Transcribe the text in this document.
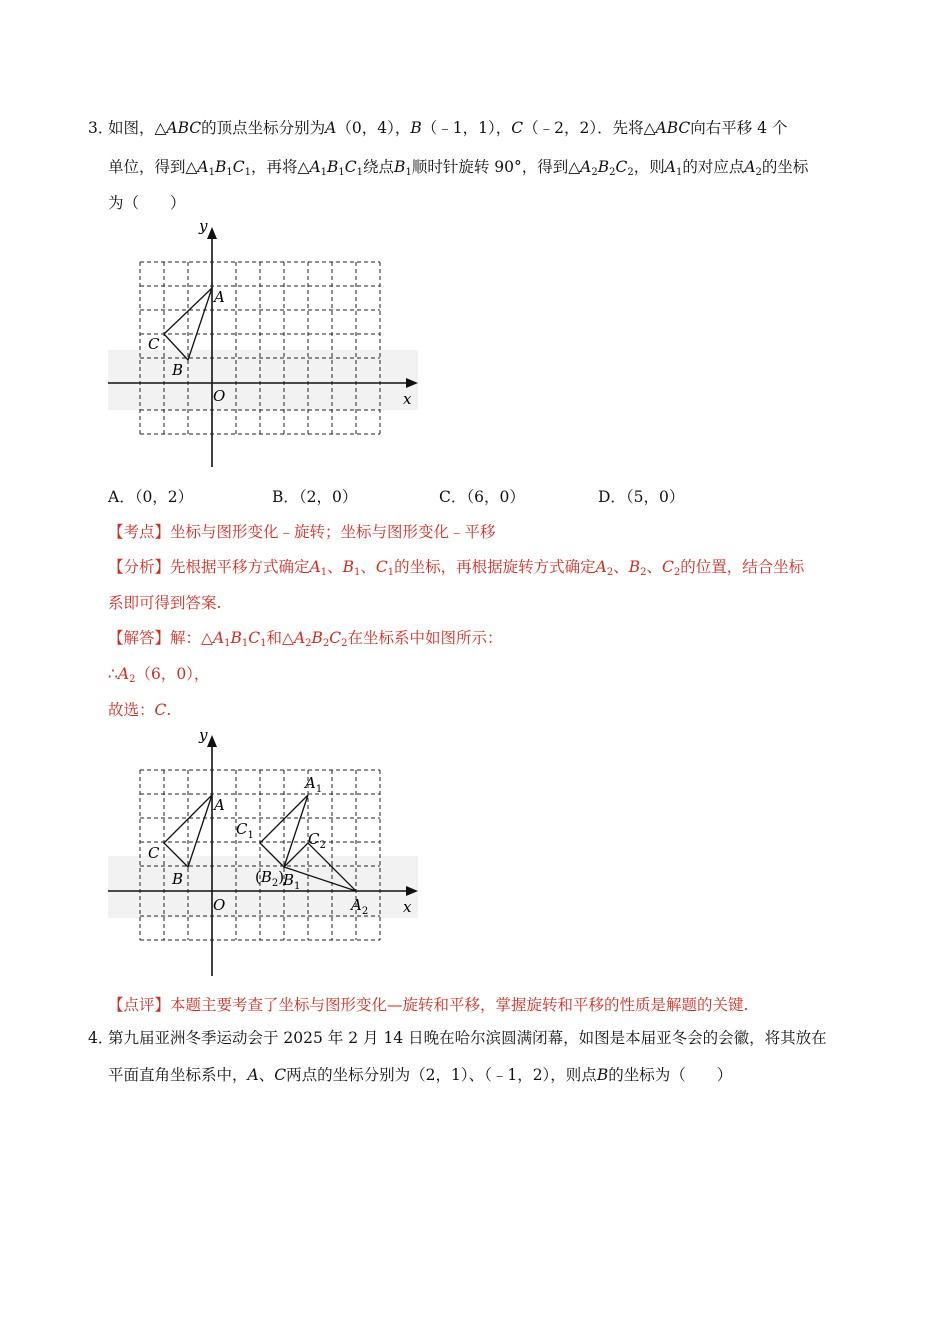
3．
如图，△ABC的顶点坐标分别为A（0，4），B（﹣1，1），C（﹣2，2）．先将△ABC向右平移 4 个
单位，得到$\triangle A_1B_1C_1$，再将$\triangle A_1B_1C_1$绕点$B_1$顺时针旋转 90°，得到$\triangle A_2B_2C_2$，则$A_1$的对应点$A_2$的坐标
为（　　）
y
x
O
A
B
C
A．（0，2）	B．（2，0）	C．（6，0）	D．（5，0）
【考点】坐标与图形变化﹣旋转；坐标与图形变化﹣平移
【分析】先根据平移方式确定$A_1$、$B_1$、$C_1$的坐标，再根据旋转方式确定$A_2$、$B_2$、$C_2$的位置，结合坐标
系即可得到答案.
【解答】解：$\triangle A_1B_1C_1$和$\triangle A_2B_2C_2$在坐标系中如图所示：
$\therefore A_2(6$，0），
故选：C.
y
x
O
A
B
C
$A_1$
$C_1$	$C_2$
$(B_2)$
$B_1$
$A_2$
【点评】本题主要考查了坐标与图形变化—旋转和平移，掌握旋转和平移的性质是解题的关键.
4．
第九届亚洲冬季运动会于 2025 年 2 月 14 日晚在哈尔滨圆满闭幕，如图是本届亚冬会的会徽，将其放在
平面直角坐标系中，A、C两点的坐标分别为（2，1）、（﹣1，2），则点B的坐标为（　　）
